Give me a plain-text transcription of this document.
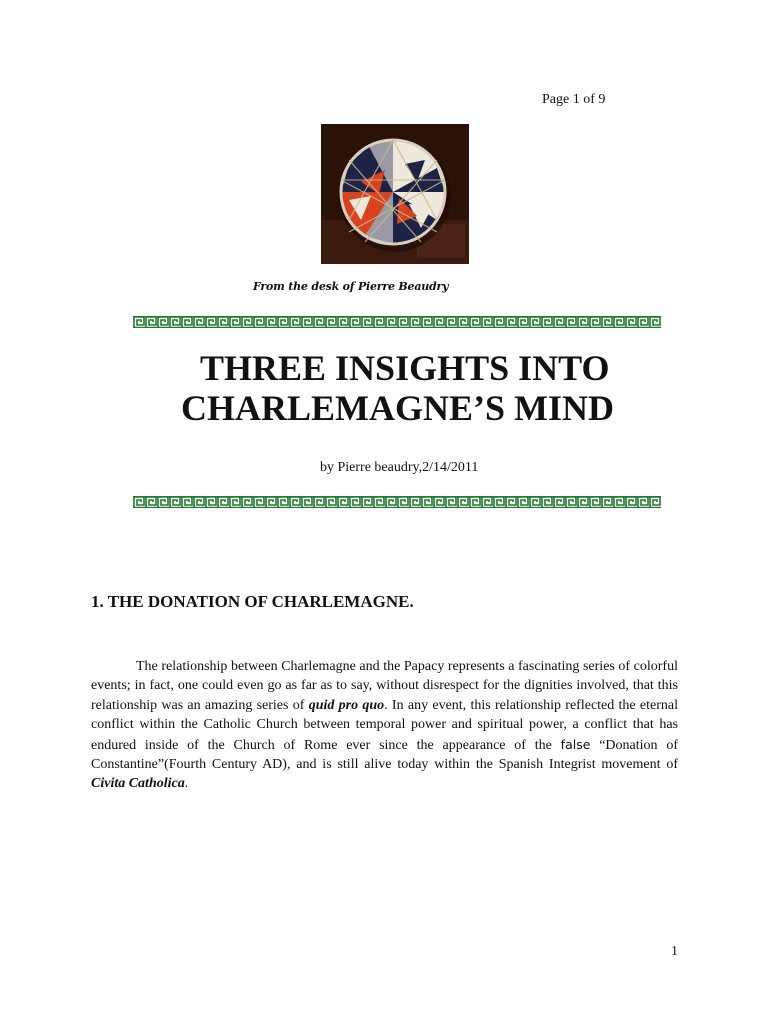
Page 1 of 9

From the desk of Pierre Beaudry

THREE INSIGHTS INTO
CHARLEMAGNE’S MIND

by Pierre beaudry,2/14/2011

1. THE DONATION OF CHARLEMAGNE.

The relationship between Charlemagne and the Papacy represents a fascinating series of colorful events; in fact, one could even go as far as to say, without disrespect for the dignities involved, that this relationship was an amazing series of quid pro quo. In any event, this relationship reflected the eternal conflict within the Catholic Church between temporal power and spiritual power, a conflict that has endured inside of the Church of Rome ever since the appearance of the false “Donation of Constantine”(Fourth Century AD), and is still alive today within the Spanish Integrist movement of Civita Catholica.

1
